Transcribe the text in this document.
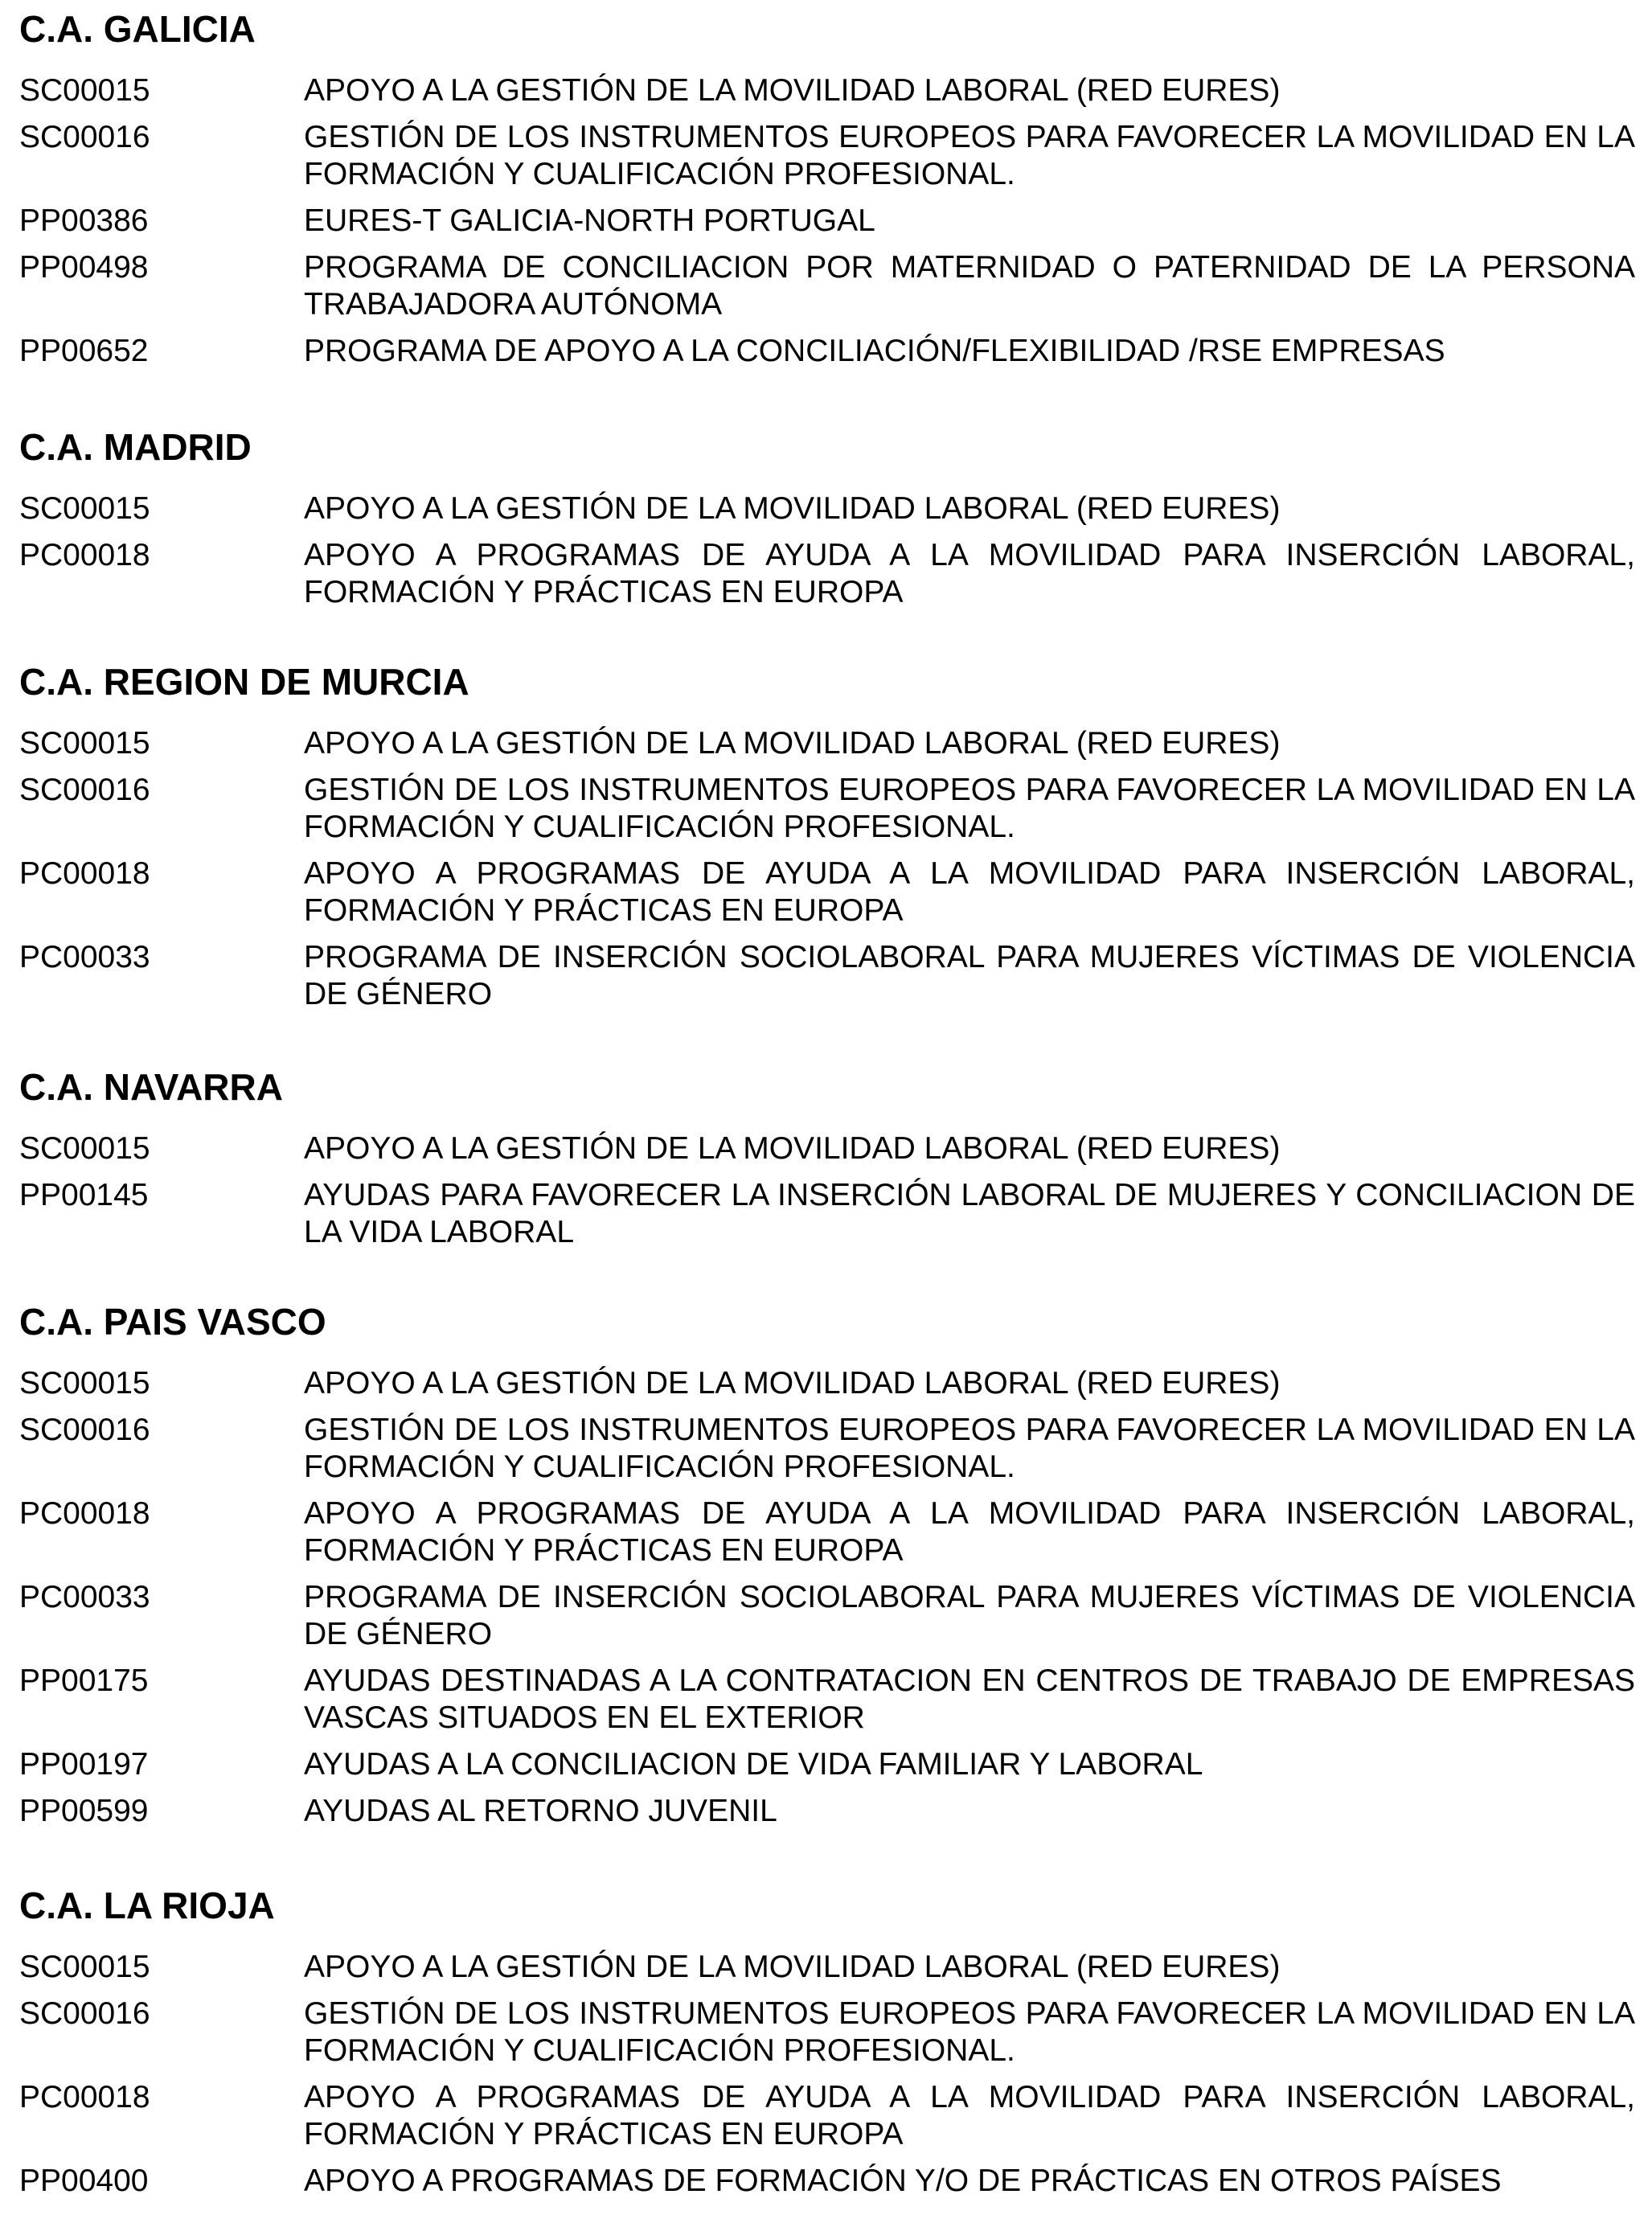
C.A. GALICIA
SC00015	APOYO A LA GESTIÓN DE LA MOVILIDAD LABORAL (RED EURES)
SC00016	GESTIÓN DE LOS INSTRUMENTOS EUROPEOS PARA FAVORECER LA MOVILIDAD EN LA FORMACIÓN Y CUALIFICACIÓN PROFESIONAL.
PP00386	EURES-T GALICIA-NORTH PORTUGAL
PP00498	PROGRAMA DE CONCILIACION POR MATERNIDAD O PATERNIDAD DE LA PERSONA TRABAJADORA AUTÓNOMA
PP00652	PROGRAMA DE APOYO A LA CONCILIACIÓN/FLEXIBILIDAD /RSE EMPRESAS
C.A. MADRID
SC00015	APOYO A LA GESTIÓN DE LA MOVILIDAD LABORAL (RED EURES)
PC00018	APOYO A PROGRAMAS DE AYUDA A LA MOVILIDAD PARA INSERCIÓN LABORAL, FORMACIÓN Y PRÁCTICAS EN EUROPA
C.A. REGION DE MURCIA
SC00015	APOYO A LA GESTIÓN DE LA MOVILIDAD LABORAL (RED EURES)
SC00016	GESTIÓN DE LOS INSTRUMENTOS EUROPEOS PARA FAVORECER LA MOVILIDAD EN LA FORMACIÓN Y CUALIFICACIÓN PROFESIONAL.
PC00018	APOYO A PROGRAMAS DE AYUDA A LA MOVILIDAD PARA INSERCIÓN LABORAL, FORMACIÓN Y PRÁCTICAS EN EUROPA
PC00033	PROGRAMA DE INSERCIÓN SOCIOLABORAL PARA MUJERES VÍCTIMAS DE VIOLENCIA DE GÉNERO
C.A. NAVARRA
SC00015	APOYO A LA GESTIÓN DE LA MOVILIDAD LABORAL (RED EURES)
PP00145	AYUDAS PARA FAVORECER LA INSERCIÓN LABORAL DE MUJERES Y CONCILIACION DE LA VIDA LABORAL
C.A. PAIS VASCO
SC00015	APOYO A LA GESTIÓN DE LA MOVILIDAD LABORAL (RED EURES)
SC00016	GESTIÓN DE LOS INSTRUMENTOS EUROPEOS PARA FAVORECER LA MOVILIDAD EN LA FORMACIÓN Y CUALIFICACIÓN PROFESIONAL.
PC00018	APOYO A PROGRAMAS DE AYUDA A LA MOVILIDAD PARA INSERCIÓN LABORAL, FORMACIÓN Y PRÁCTICAS EN EUROPA
PC00033	PROGRAMA DE INSERCIÓN SOCIOLABORAL PARA MUJERES VÍCTIMAS DE VIOLENCIA DE GÉNERO
PP00175	AYUDAS DESTINADAS A LA CONTRATACION EN CENTROS DE TRABAJO DE EMPRESAS VASCAS SITUADOS EN EL EXTERIOR
PP00197	AYUDAS A LA CONCILIACION DE VIDA FAMILIAR Y LABORAL
PP00599	AYUDAS AL RETORNO JUVENIL
C.A. LA RIOJA
SC00015	APOYO A LA GESTIÓN DE LA MOVILIDAD LABORAL (RED EURES)
SC00016	GESTIÓN DE LOS INSTRUMENTOS EUROPEOS PARA FAVORECER LA MOVILIDAD EN LA FORMACIÓN Y CUALIFICACIÓN PROFESIONAL.
PC00018	APOYO A PROGRAMAS DE AYUDA A LA MOVILIDAD PARA INSERCIÓN LABORAL, FORMACIÓN Y PRÁCTICAS EN EUROPA
PP00400	APOYO A PROGRAMAS DE FORMACIÓN Y/O DE PRÁCTICAS EN OTROS PAÍSES
